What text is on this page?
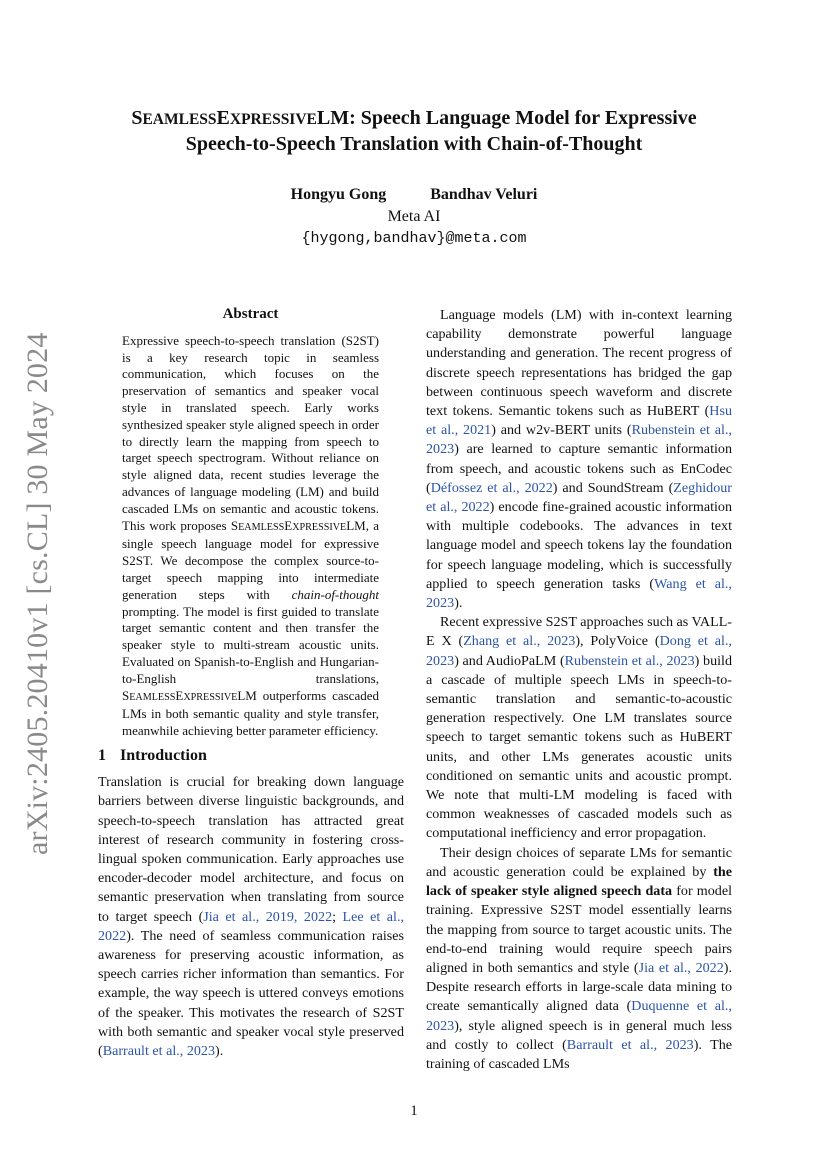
arXiv:2405.20410v1 [cs.CL] 30 May 2024
SEAMLESSEXPRESSIVELM: Speech Language Model for Expressive
Speech-to-Speech Translation with Chain-of-Thought
Hongyu Gong	Bandhav Veluri
Meta AI
{hygong,bandhav}@meta.com

Abstract

Expressive speech-to-speech translation (S2ST) is a key research topic in seamless communication, which focuses on the preservation of semantics and speaker vocal style in translated speech. Early works synthesized speaker style aligned speech in order to directly learn the mapping from speech to target speech spectrogram. Without reliance on style aligned data, recent studies leverage the advances of language modeling (LM) and build cascaded LMs on semantic and acoustic tokens. This work proposes SEAMLESSEXPRESSIVELM, a single speech language model for expressive S2ST. We decompose the complex source-to-target speech mapping into intermediate generation steps with chain-of-thought prompting. The model is first guided to translate target semantic content and then transfer the speaker style to multi-stream acoustic units. Evaluated on Spanish-to-English and Hungarian-to-English translations, SEAMLESSEXPRESSIVELM outperforms cascaded LMs in both semantic quality and style transfer, meanwhile achieving better parameter efficiency.

1 Introduction

Translation is crucial for breaking down language barriers between diverse linguistic backgrounds, and speech-to-speech translation has attracted great interest of research community in fostering cross-lingual spoken communication. Early approaches use encoder-decoder model architecture, and focus on semantic preservation when translating from source to target speech (Jia et al., 2019, 2022; Lee et al., 2022). The need of seamless communication raises awareness for preserving acoustic information, as speech carries richer information than semantics. For example, the way speech is uttered conveys emotions of the speaker. This motivates the research of S2ST with both semantic and speaker vocal style preserved (Barrault et al., 2023).

Language models (LM) with in-context learning capability demonstrate powerful language understanding and generation. The recent progress of discrete speech representations has bridged the gap between continuous speech waveform and discrete text tokens. Semantic tokens such as HuBERT (Hsu et al., 2021) and w2v-BERT units (Rubenstein et al., 2023) are learned to capture semantic information from speech, and acoustic tokens such as EnCodec (Défossez et al., 2022) and SoundStream (Zeghidour et al., 2022) encode fine-grained acoustic information with multiple codebooks. The advances in text language model and speech tokens lay the foundation for speech language modeling, which is successfully applied to speech generation tasks (Wang et al., 2023).

Recent expressive S2ST approaches such as VALL-E X (Zhang et al., 2023), PolyVoice (Dong et al., 2023) and AudioPaLM (Rubenstein et al., 2023) build a cascade of multiple speech LMs in speech-to-semantic translation and semantic-to-acoustic generation respectively. One LM translates source speech to target semantic tokens such as HuBERT units, and other LMs generates acoustic units conditioned on semantic units and acoustic prompt. We note that multi-LM modeling is faced with common weaknesses of cascaded models such as computational inefficiency and error propagation.

Their design choices of separate LMs for semantic and acoustic generation could be explained by the lack of speaker style aligned speech data for model training. Expressive S2ST model essentially learns the mapping from source to target acoustic units. The end-to-end training would require speech pairs aligned in both semantics and style (Jia et al., 2022). Despite research efforts in large-scale data mining to create semantically aligned data (Duquenne et al., 2023), style aligned speech is in general much less and costly to collect (Barrault et al., 2023). The training of cascaded LMs

1
